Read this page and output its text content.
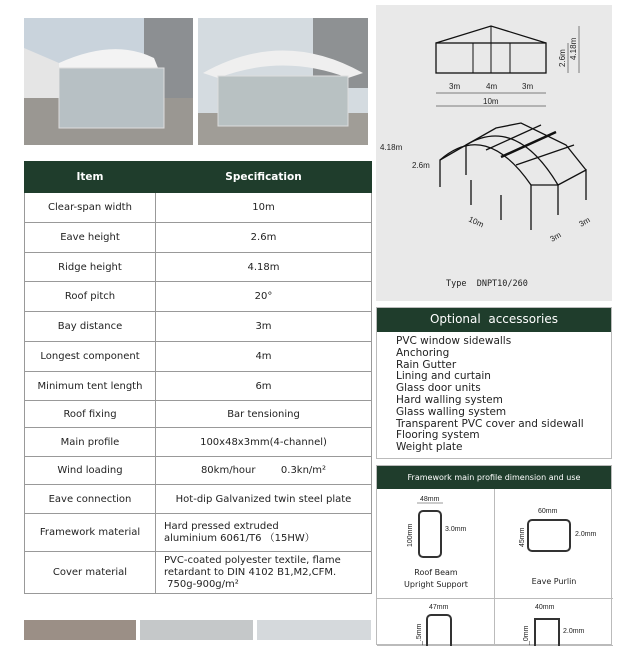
Item	Specification
Clear-span width	10m
Eave height	2.6m
Ridge height	4.18m
Roof pitch	20°
Bay distance	3m
Longest component	4m
Minimum tent length	6m
Roof fixing	Bar tensioning
Main profile	100x48x3mm(4-channel)
Wind loading	80km/hour        0.3kn/m²
Eave connection	Hot-dip Galvanized twin steel plate
Framework material	Hard pressed extruded
aluminium 6061/T6 （15HW）

Cover material	PVC-coated polyester textile, flame
retardant to DIN 4102 B1,M2,CFM.
750g-900g/m²
3m	4m	3m
10m
2.6m 4.18m
4.18m
2.6m
10m
3m
3m
Type  DNPT10/260
Optional  accessories
PVC window sidewalls
Anchoring
Rain Gutter
Lining and curtain
Glass door units
Hard walling system
Glass walling system
Transparent PVC cover and sidewall
Flooring system
Weight plate
Framework main profile dimension and use
48mm
100mm	3.0mm
Roof Beam
Upright Support
60mm
45mm	2.0mm
Eave Purlin
47mm
_.5mm
40mm
_0mm	2.0mm
